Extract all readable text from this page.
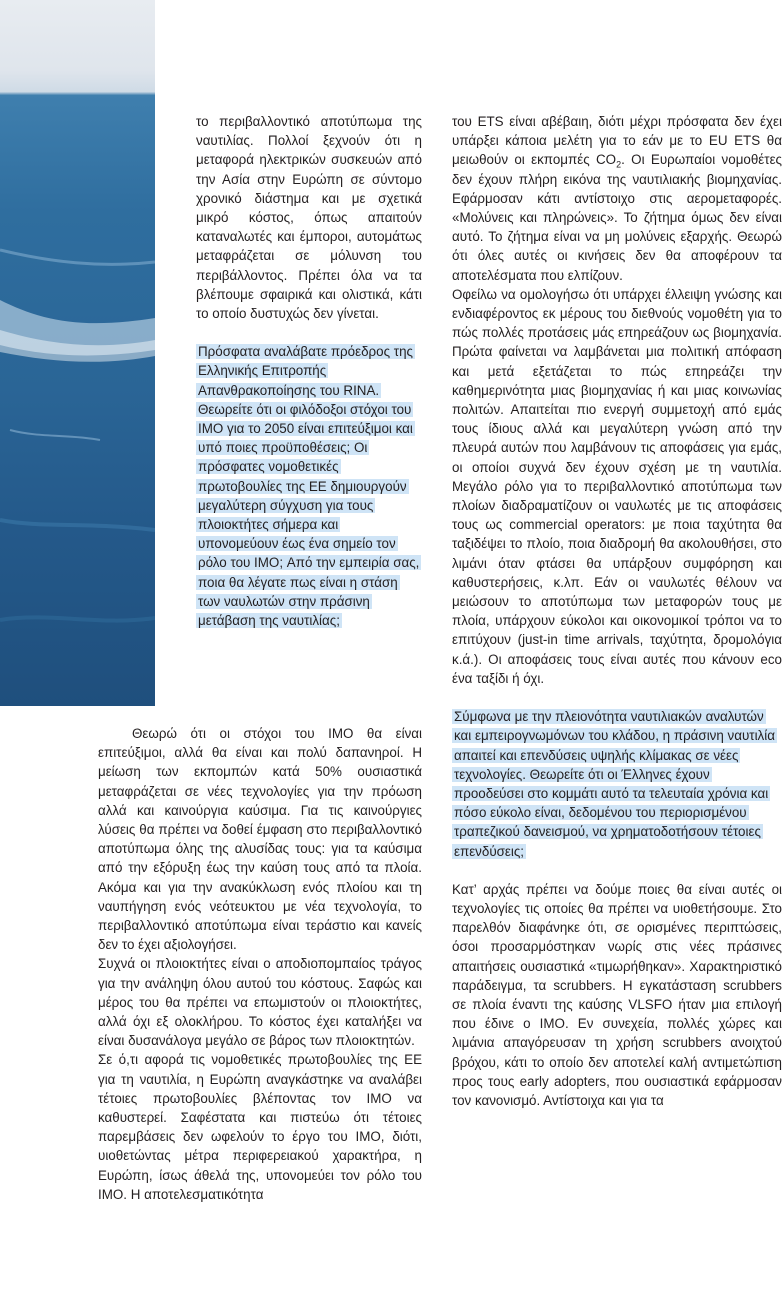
το περιβαλλοντικό αποτύπωμα της ναυτιλίας. Πολλοί ξεχνούν ότι η μεταφορά ηλεκτρικών συσκευών από την Ασία στην Ευρώπη σε σύντομο χρονικό διάστημα και με σχετικά μικρό κόστος, όπως απαιτούν καταναλωτές και έμποροι, αυτομάτως μεταφράζεται σε μόλυνση του περιβάλλοντος. Πρέπει όλα να τα βλέπουμε σφαιρικά και ολιστικά, κάτι το οποίο δυστυχώς δεν γίνεται.

Πρόσφατα αναλάβατε πρόεδρος της Ελληνικής Επιτροπής Απανθρακοποίησης του RINA. Θεωρείτε ότι οι φιλόδοξοι στόχοι του IMO για το 2050 είναι επιτεύξιμοι και υπό ποιες προϋποθέσεις; Οι πρόσφατες νομοθετικές πρωτοβουλίες της ΕΕ δημιουργούν μεγαλύτερη σύγχυση για τους πλοιοκτήτες σήμερα και υπονομεύουν έως ένα σημείο τον ρόλο του IMO; Από την εμπειρία σας, ποια θα λέγατε πως είναι η στάση των ναυλωτών στην πράσινη μετάβαση της ναυτιλίας;

Θεωρώ ότι οι στόχοι του IMO θα είναι επιτεύξιμοι, αλλά θα είναι και πολύ δαπανηροί. Η μείωση των εκπομπών κατά 50% ουσιαστικά μεταφράζεται σε νέες τεχνολογίες για την πρόωση αλλά και καινούργια καύσιμα. Για τις καινούργιες λύσεις θα πρέπει να δοθεί έμφαση στο περιβαλλοντικό αποτύπωμα όλης της αλυσίδας τους: για τα καύσιμα από την εξόρυξη έως την καύση τους από τα πλοία. Ακόμα και για την ανακύκλωση ενός πλοίου και τη ναυπήγηση ενός νεότευκτου με νέα τεχνολογία, το περιβαλλοντικό αποτύπωμα είναι τεράστιο και κανείς δεν το έχει αξιολογήσει.

Συχνά οι πλοιοκτήτες είναι ο αποδιοπομπαίος τράγος για την ανάληψη όλου αυτού του κόστους. Σαφώς και μέρος του θα πρέπει να επωμιστούν οι πλοιοκτήτες, αλλά όχι εξ ολοκλήρου. Το κόστος έχει καταλήξει να είναι δυσανάλογα μεγάλο σε βάρος των πλοιοκτητών.

Σε ό,τι αφορά τις νομοθετικές πρωτοβουλίες της ΕΕ για τη ναυτιλία, η Ευρώπη αναγκάστηκε να αναλάβει τέτοιες πρωτοβουλίες βλέποντας τον IMO να καθυστερεί. Σαφέστατα και πιστεύω ότι τέτοιες παρεμβάσεις δεν ωφελούν το έργο του IMO, διότι, υιοθετώντας μέτρα περιφερειακού χαρακτήρα, η Ευρώπη, ίσως άθελά της, υπονομεύει τον ρόλο του IMO. Η αποτελεσματικότητα

του ETS είναι αβέβαιη, διότι μέχρι πρόσφατα δεν έχει υπάρξει κάποια μελέτη για το εάν με το EU ETS θα μειωθούν οι εκπομπές $CO_2$. Οι Ευρωπαίοι νομοθέτες δεν έχουν πλήρη εικόνα της ναυτιλιακής βιομηχανίας. Εφάρμοσαν κάτι αντίστοιχο στις αερομεταφορές. «Μολύνεις και πληρώνεις». Το ζήτημα όμως δεν είναι αυτό. Το ζήτημα είναι να μη μολύνεις εξαρχής. Θεωρώ ότι όλες αυτές οι κινήσεις δεν θα αποφέρουν τα αποτελέσματα που ελπίζουν.

Οφείλω να ομολογήσω ότι υπάρχει έλλειψη γνώσης και ενδιαφέροντος εκ μέρους του διεθνούς νομοθέτη για το πώς πολλές προτάσεις μάς επηρεάζουν ως βιομηχανία. Πρώτα φαίνεται να λαμβάνεται μια πολιτική απόφαση και μετά εξετάζεται το πώς επηρεάζει την καθημερινότητα μιας βιομηχανίας ή και μιας κοινωνίας πολιτών. Απαιτείται πιο ενεργή συμμετοχή από εμάς τους ίδιους αλλά και μεγαλύτερη γνώση από την πλευρά αυτών που λαμβάνουν τις αποφάσεις για εμάς, οι οποίοι συχνά δεν έχουν σχέση με τη ναυτιλία. Μεγάλο ρόλο για το περιβαλλοντικό αποτύπωμα των πλοίων διαδραματίζουν οι ναυλωτές με τις αποφάσεις τους ως commercial operators: με ποια ταχύτητα θα ταξιδέψει το πλοίο, ποια διαδρομή θα ακολουθήσει, στο λιμάνι όταν φτάσει θα υπάρξουν συμφόρηση και καθυστερήσεις, κ.λπ. Εάν οι ναυλωτές θέλουν να μειώσουν το αποτύπωμα των μεταφορών τους με πλοία, υπάρχουν εύκολοι και οικονομικοί τρόποι να το επιτύχουν (just-in time arrivals, ταχύτητα, δρομολόγια κ.ά.). Οι αποφάσεις τους είναι αυτές που κάνουν eco ένα ταξίδι ή όχι.

Σύμφωνα με την πλειονότητα ναυτιλιακών αναλυτών και εμπειρογνωμόνων του κλάδου, η πράσινη ναυτιλία απαιτεί και επενδύσεις υψηλής κλίμακας σε νέες τεχνολογίες. Θεωρείτε ότι οι Έλληνες έχουν προοδεύσει στο κομμάτι αυτό τα τελευταία χρόνια και πόσο εύκολο είναι, δεδομένου του περιορισμένου τραπεζικού δανεισμού, να χρηματοδοτήσουν τέτοιες επενδύσεις;

Κατ’ αρχάς πρέπει να δούμε ποιες θα είναι αυτές οι τεχνολογίες τις οποίες θα πρέπει να υιοθετήσουμε. Στο παρελθόν διαφάνηκε ότι, σε ορισμένες περιπτώσεις, όσοι προσαρμόστηκαν νωρίς στις νέες πράσινες απαιτήσεις ουσιαστικά «τιμωρήθηκαν». Χαρακτηριστικό παράδειγμα, τα scrubbers. Η εγκατάσταση scrubbers σε πλοία έναντι της καύσης VLSFO ήταν μια επιλογή που έδινε ο IMO. Εν συνεχεία, πολλές χώρες και λιμάνια απαγόρευσαν τη χρήση scrubbers ανοιχτού βρόχου, κάτι το οποίο δεν αποτελεί καλή αντιμετώπιση προς τους early adopters, που ουσιαστικά εφάρμοσαν τον κανονισμό. Αντίστοιχα και για τα
